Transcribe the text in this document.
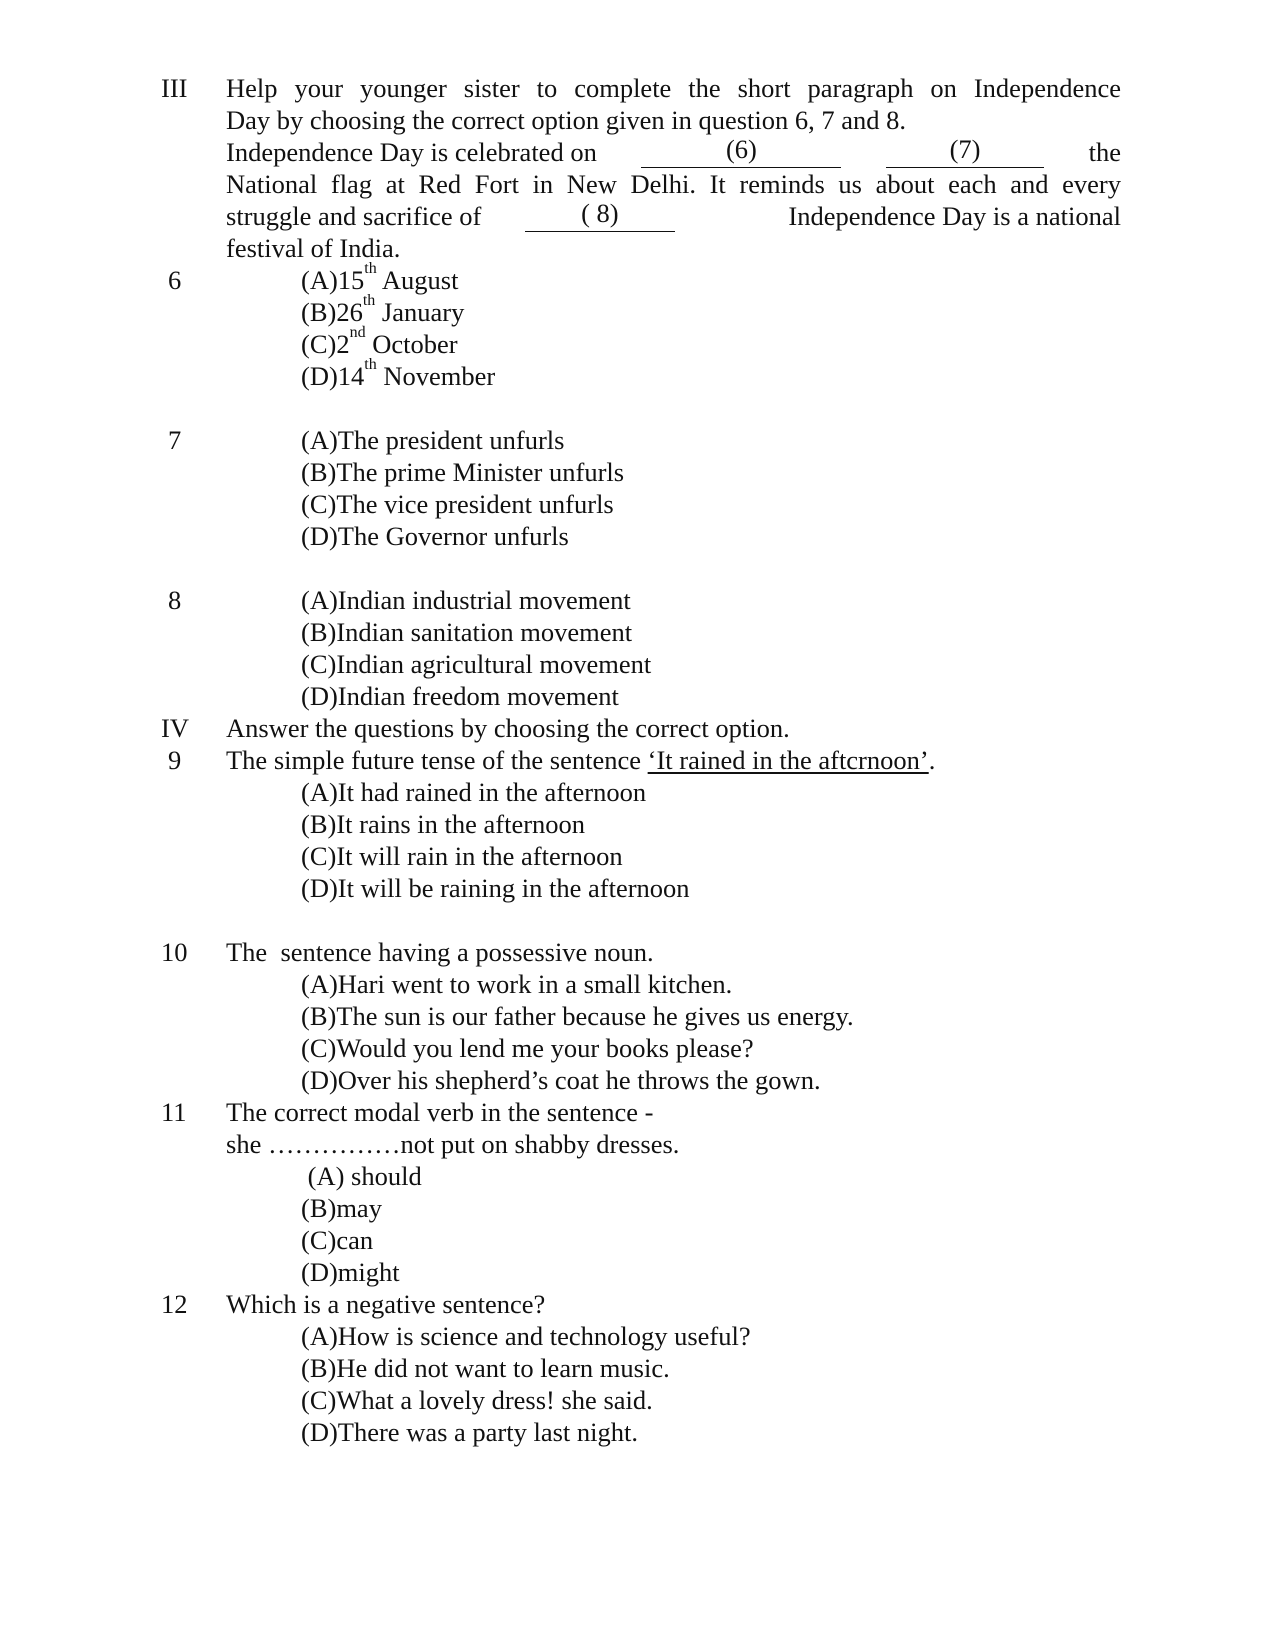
III Help your younger sister to complete the short paragraph on Independence
Day by choosing the correct option given in question 6, 7 and 8.
Independence Day is celebrated on	(6)	(7)	the
National flag at Red Fort in New Delhi. It reminds us about each and every
struggle and sacrifice of	( 8)	Independence Day is a national
festival of India.
6	(A)15th August
(B)26th January
(C)2nd October
(D)14th November
7	(A)The president unfurls
(B)The prime Minister unfurls
(C)The vice president unfurls
(D)The Governor unfurls
8	(A)Indian industrial movement
(B)Indian sanitation movement
(C)Indian agricultural movement
(D)Indian freedom movement
IV Answer the questions by choosing the correct option.
9 The simple future tense of the sentence ‘It rained in the aftcrnoon’.
(A)It had rained in the afternoon
(B)It rains in the afternoon
(C)It will rain in the afternoon
(D)It will be raining in the afternoon
10 The  sentence having a possessive noun.
(A)Hari went to work in a small kitchen.
(B)The sun is our father because he gives us energy.
(C)Would you lend me your books please?
(D)Over his shepherd’s coat he throws the gown.
11 The correct modal verb in the sentence -
she ……………not put on shabby dresses.
(A) should
(B)may
(C)can
(D)might
12 Which is a negative sentence?
(A)How is science and technology useful?
(B)He did not want to learn music.
(C)What a lovely dress! she said.
(D)There was a party last night.
